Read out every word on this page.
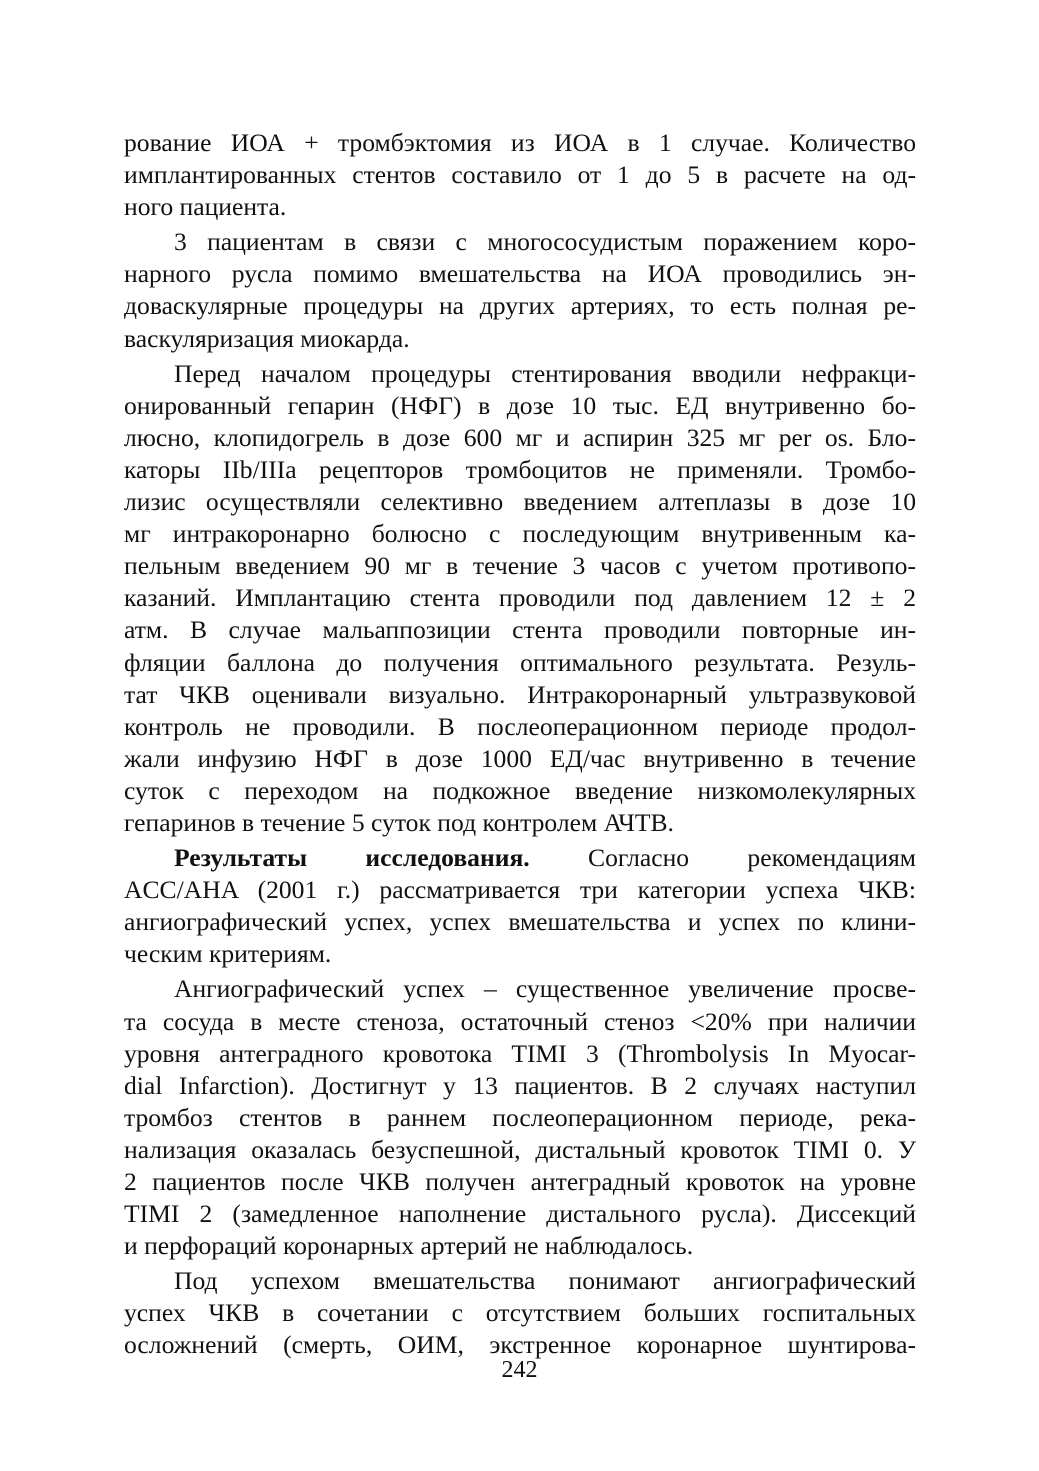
рование ИОА + тромбэктомия из ИОА в 1 случае. Количество
имплантированных стентов составило от 1 до 5 в расчете на од-
ного пациента.
3 пациентам в связи с многососудистым поражением коро-
нарного русла помимо вмешательства на ИОА проводились эн-
доваскулярные процедуры на других артериях, то есть полная ре-
васкуляризация миокарда.
Перед началом процедуры стентирования вводили нефракци-
онированный гепарин (НФГ) в дозе 10 тыс. ЕД внутривенно бо-
люсно, клопидогрель в дозе 600 мг и аспирин 325 мг per os. Бло-
каторы IIb/IIIa рецепторов тромбоцитов не применяли. Тромбо-
лизис осуществляли селективно введением алтеплазы в дозе 10
мг интракоронарно болюсно с последующим внутривенным ка-
пельным введением 90 мг в течение 3 часов с учетом противопо-
казаний. Имплантацию стента проводили под давлением 12 ± 2
атм. В случае мальаппозиции стента проводили повторные ин-
фляции баллона до получения оптимального результата. Резуль-
тат ЧКВ оценивали визуально. Интракоронарный ультразвуковой
контроль не проводили. В послеоперационном периоде продол-
жали инфузию НФГ в дозе 1000 ЕД/час внутривенно в течение
суток с переходом на подкожное введение низкомолекулярных
гепаринов в течение 5 суток под контролем АЧТВ.
Результаты исследования. Согласно рекомендациям
ACC/AHA (2001 г.) рассматривается три категории успеха ЧКВ:
ангиографический успех, успех вмешательства и успех по клини-
ческим критериям.
Ангиографический успех – существенное увеличение просве-
та сосуда в месте стеноза, остаточный стеноз <20% при наличии
уровня антеградного кровотока TIMI 3 (Thrombolysis In Myocar-
dial Infarction). Достигнут у 13 пациентов. В 2 случаях наступил
тромбоз стентов в раннем послеоперационном периоде, река-
нализация оказалась безуспешной, дистальный кровоток TIMI 0. У
2 пациентов после ЧКВ получен антеградный кровоток на уровне
TIMI 2 (замедленное наполнение дистального русла). Диссекций
и перфораций коронарных артерий не наблюдалось.
Под успехом вмешательства понимают ангиографический
успех ЧКВ в сочетании с отсутствием больших госпитальных
осложнений (смерть, ОИМ, экстренное коронарное шунтирова-
242
